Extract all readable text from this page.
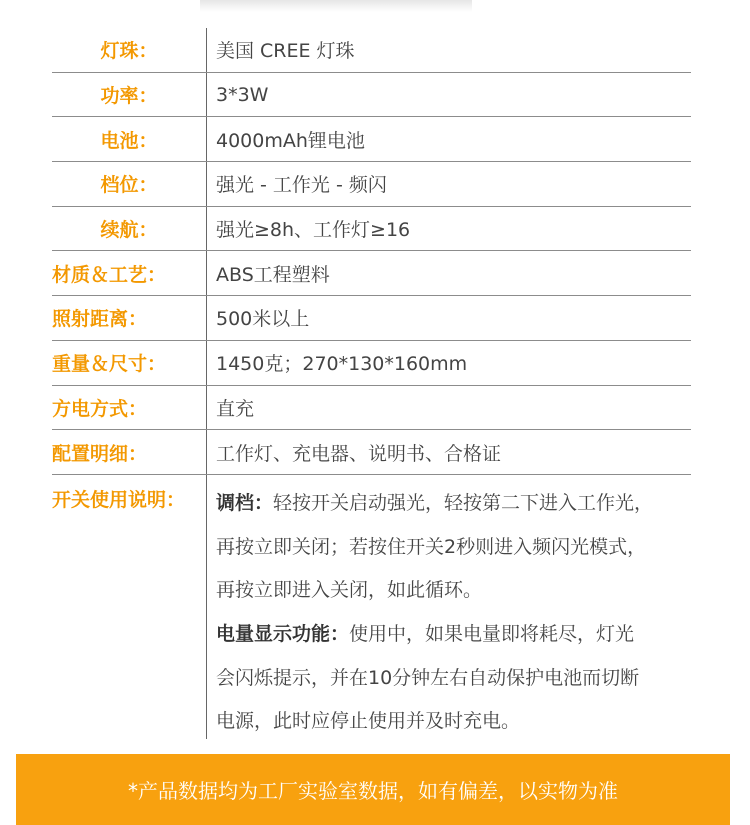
灯珠：	美国 CREE 灯珠
功率：	3*3W
电池：	4000mAh锂电池
档位：	强光 - 工作光 - 频闪
续航：	强光≥8h、工作灯≥16
材质＆工艺：	ABS工程塑料
照射距离：	500米以上
重量＆尺寸：	1450克；270*130*160mm
方电方式：	直充
配置明细：	工作灯、充电器、说明书、合格证
开关使用说明：	调档：轻按开关启动强光，轻按第二下进入工作光，
再按立即关闭；若按住开关2秒则进入频闪光模式，
再按立即进入关闭，如此循环。

电量显示功能：使用中，如果电量即将耗尽，灯光
会闪烁提示，并在10分钟左右自动保护电池而切断
电源，此时应停止使用并及时充电。

*产品数据均为工厂实验室数据，如有偏差，以实物为准
